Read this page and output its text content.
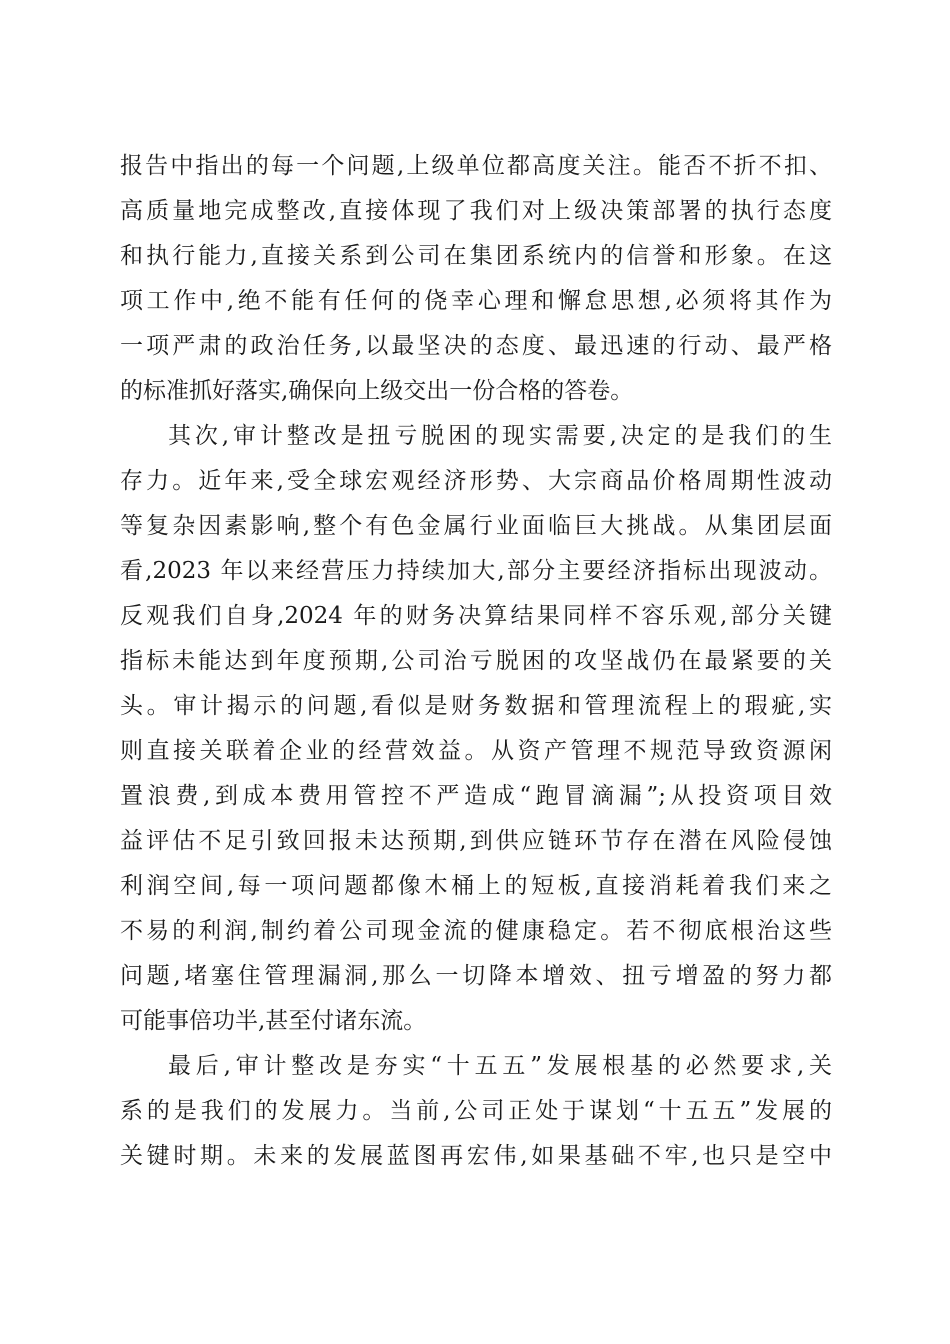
报告中指出的每一个问题,上级单位都高度关注。能否不折不扣、
高质量地完成整改,直接体现了我们对上级决策部署的执行态度
和执行能力,直接关系到公司在集团系统内的信誉和形象。在这
项工作中,绝不能有任何的侥幸心理和懈怠思想,必须将其作为
一项严肃的政治任务,以最坚决的态度、最迅速的行动、最严格
的标准抓好落实,确保向上级交出一份合格的答卷。
其次,审计整改是扭亏脱困的现实需要,决定的是我们的生
存力。近年来,受全球宏观经济形势、大宗商品价格周期性波动
等复杂因素影响,整个有色金属行业面临巨大挑战。从集团层面
看,2023 年以来经营压力持续加大,部分主要经济指标出现波动。
反观我们自身,2024 年的财务决算结果同样不容乐观,部分关键
指标未能达到年度预期,公司治亏脱困的攻坚战仍在最紧要的关
头。审计揭示的问题,看似是财务数据和管理流程上的瑕疵,实
则直接关联着企业的经营效益。从资产管理不规范导致资源闲
置浪费,到成本费用管控不严造成“跑冒滴漏”;从投资项目效
益评估不足引致回报未达预期,到供应链环节存在潜在风险侵蚀
利润空间,每一项问题都像木桶上的短板,直接消耗着我们来之
不易的利润,制约着公司现金流的健康稳定。若不彻底根治这些
问题,堵塞住管理漏洞,那么一切降本增效、扭亏增盈的努力都
可能事倍功半,甚至付诸东流。
最后,审计整改是夯实“十五五”发展根基的必然要求,关
系的是我们的发展力。当前,公司正处于谋划“十五五”发展的
关键时期。未来的发展蓝图再宏伟,如果基础不牢,也只是空中
